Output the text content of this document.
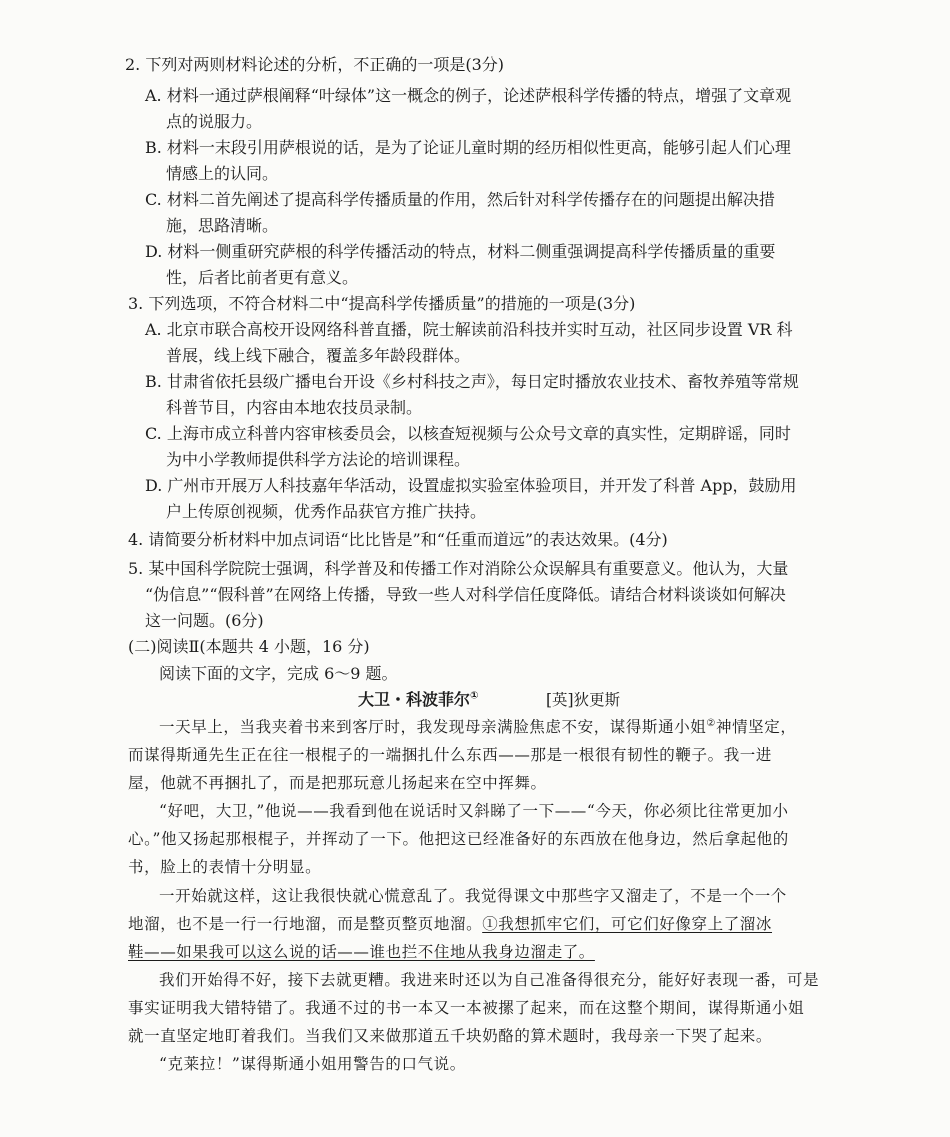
2. 下列对两则材料论述的分析，不正确的一项是(3分)
A. 材料一通过萨根阐释“叶绿体”这一概念的例子，论述萨根科学传播的特点，增强了文章观
点的说服力。
B. 材料一末段引用萨根说的话，是为了论证儿童时期的经历相似性更高，能够引起人们心理
情感上的认同。
C. 材料二首先阐述了提高科学传播质量的作用，然后针对科学传播存在的问题提出解决措
施，思路清晰。
D. 材料一侧重研究萨根的科学传播活动的特点，材料二侧重强调提高科学传播质量的重要
性，后者比前者更有意义。
3. 下列选项，不符合材料二中“提高科学传播质量”的措施的一项是(3分)
A. 北京市联合高校开设网络科普直播，院士解读前沿科技并实时互动，社区同步设置 VR 科
普展，线上线下融合，覆盖多年龄段群体。
B. 甘肃省依托县级广播电台开设《乡村科技之声》，每日定时播放农业技术、畜牧养殖等常规
科普节目，内容由本地农技员录制。
C. 上海市成立科普内容审核委员会，以核查短视频与公众号文章的真实性，定期辟谣，同时
为中小学教师提供科学方法论的培训课程。
D. 广州市开展万人科技嘉年华活动，设置虚拟实验室体验项目，并开发了科普 App，鼓励用
户上传原创视频，优秀作品获官方推广扶持。
4. 请简要分析材料中加点词语“比比皆是”和“任重而道远”的表达效果。(4分)
5. 某中国科学院院士强调，科学普及和传播工作对消除公众误解具有重要意义。他认为，大量
“伪信息”“假科普”在网络上传播，导致一些人对科学信任度降低。请结合材料谈谈如何解决
这一问题。(6分)
(二)阅读Ⅱ(本题共 4 小题，16 分)
阅读下面的文字，完成 6～9 题。
大卫・科波菲尔①	[英]狄更斯
一天早上，当我夹着书来到客厅时，我发现母亲满脸焦虑不安，谋得斯通小姐②神情坚定，
而谋得斯通先生正在往一根棍子的一端捆扎什么东西——那是一根很有韧性的鞭子。我一进
屋，他就不再捆扎了，而是把那玩意儿扬起来在空中挥舞。
“好吧，大卫，”他说——我看到他在说话时又斜睇了一下——“今天，你必须比往常更加小
心。”他又扬起那根棍子，并挥动了一下。他把这已经准备好的东西放在他身边，然后拿起他的
书，脸上的表情十分明显。
一开始就这样，这让我很快就心慌意乱了。我觉得课文中那些字又溜走了，不是一个一个
地溜，也不是一行一行地溜，而是整页整页地溜。①我想抓牢它们，可它们好像穿上了溜冰
鞋——如果我可以这么说的话——谁也拦不住地从我身边溜走了。
我们开始得不好，接下去就更糟。我进来时还以为自己准备得很充分，能好好表现一番，可是
事实证明我大错特错了。我通不过的书一本又一本被摞了起来，而在这整个期间，谋得斯通小姐
就一直坚定地盯着我们。当我们又来做那道五千块奶酪的算术题时，我母亲一下哭了起来。
“克莱拉！”谋得斯通小姐用警告的口气说。
